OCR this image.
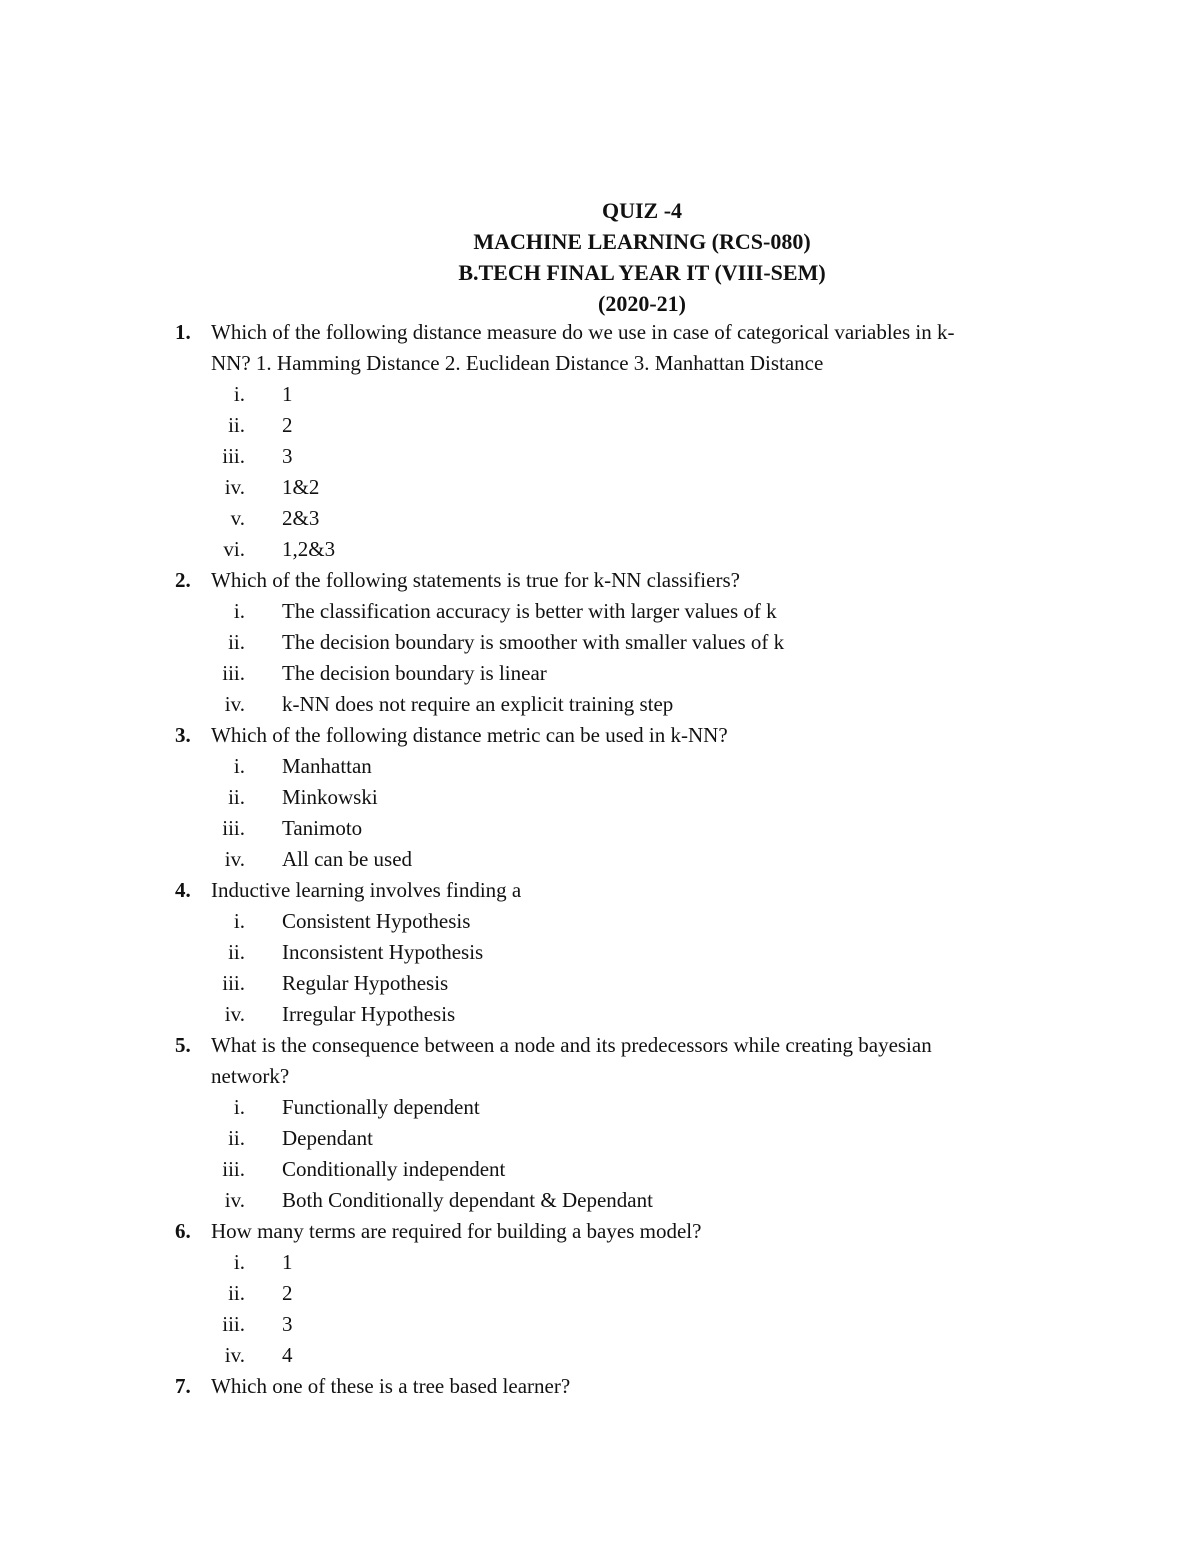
QUIZ -4
MACHINE LEARNING (RCS-080)
B.TECH FINAL YEAR IT (VIII-SEM)
(2020-21)
1. Which of the following distance measure do we use in case of categorical variables in k-
NN? 1. Hamming Distance 2. Euclidean Distance 3. Manhattan Distance
i. 1
ii. 2
iii. 3
iv. 1&2
v. 2&3
vi. 1,2&3
2. Which of the following statements is true for k-NN classifiers?
i. The classification accuracy is better with larger values of k
ii. The decision boundary is smoother with smaller values of k
iii. The decision boundary is linear
iv. k-NN does not require an explicit training step
3. Which of the following distance metric can be used in k-NN?
i. Manhattan
ii. Minkowski
iii. Tanimoto
iv. All can be used
4. Inductive learning involves finding a
i. Consistent Hypothesis
ii. Inconsistent Hypothesis
iii. Regular Hypothesis
iv. Irregular Hypothesis
5. What is the consequence between a node and its predecessors while creating bayesian
network?
i. Functionally dependent
ii. Dependant
iii. Conditionally independent
iv. Both Conditionally dependant & Dependant
6. How many terms are required for building a bayes model?
i. 1
ii. 2
iii. 3
iv. 4
7. Which one of these is a tree based learner?
